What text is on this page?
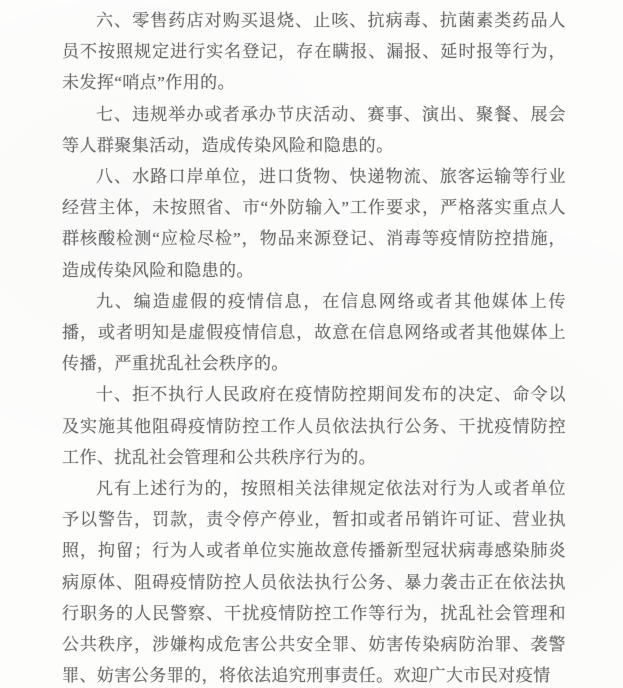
六、零售药店对购买退烧、止咳、抗病毒、抗菌素类药品人员不按照规定进行实名登记，存在瞒报、漏报、延时报等行为，未发挥“哨点”作用的。

七、违规举办或者承办节庆活动、赛事、演出、聚餐、展会等人群聚集活动，造成传染风险和隐患的。

八、水路口岸单位，进口货物、快递物流、旅客运输等行业经营主体，未按照省、市“外防输入”工作要求，严格落实重点人群核酸检测“应检尽检”，物品来源登记、消毒等疫情防控措施，造成传染风险和隐患的。

九、编造虚假的疫情信息，在信息网络或者其他媒体上传播，或者明知是虚假疫情信息，故意在信息网络或者其他媒体上传播，严重扰乱社会秩序的。

十、拒不执行人民政府在疫情防控期间发布的决定、命令以及实施其他阻碍疫情防控工作人员依法执行公务、干扰疫情防控工作、扰乱社会管理和公共秩序行为的。

凡有上述行为的，按照相关法律规定依法对行为人或者单位予以警告，罚款，责令停产停业，暂扣或者吊销许可证、营业执照，拘留；行为人或者单位实施故意传播新型冠状病毒感染肺炎病原体、阻碍疫情防控人员依法执行公务、暴力袭击正在依法执行职务的人民警察、干扰疫情防控工作等行为，扰乱社会管理和公共秩序，涉嫌构成危害公共安全罪、妨害传染病防治罪、袭警罪、妨害公务罪的，将依法追究刑事责任。欢迎广大市民对疫情
